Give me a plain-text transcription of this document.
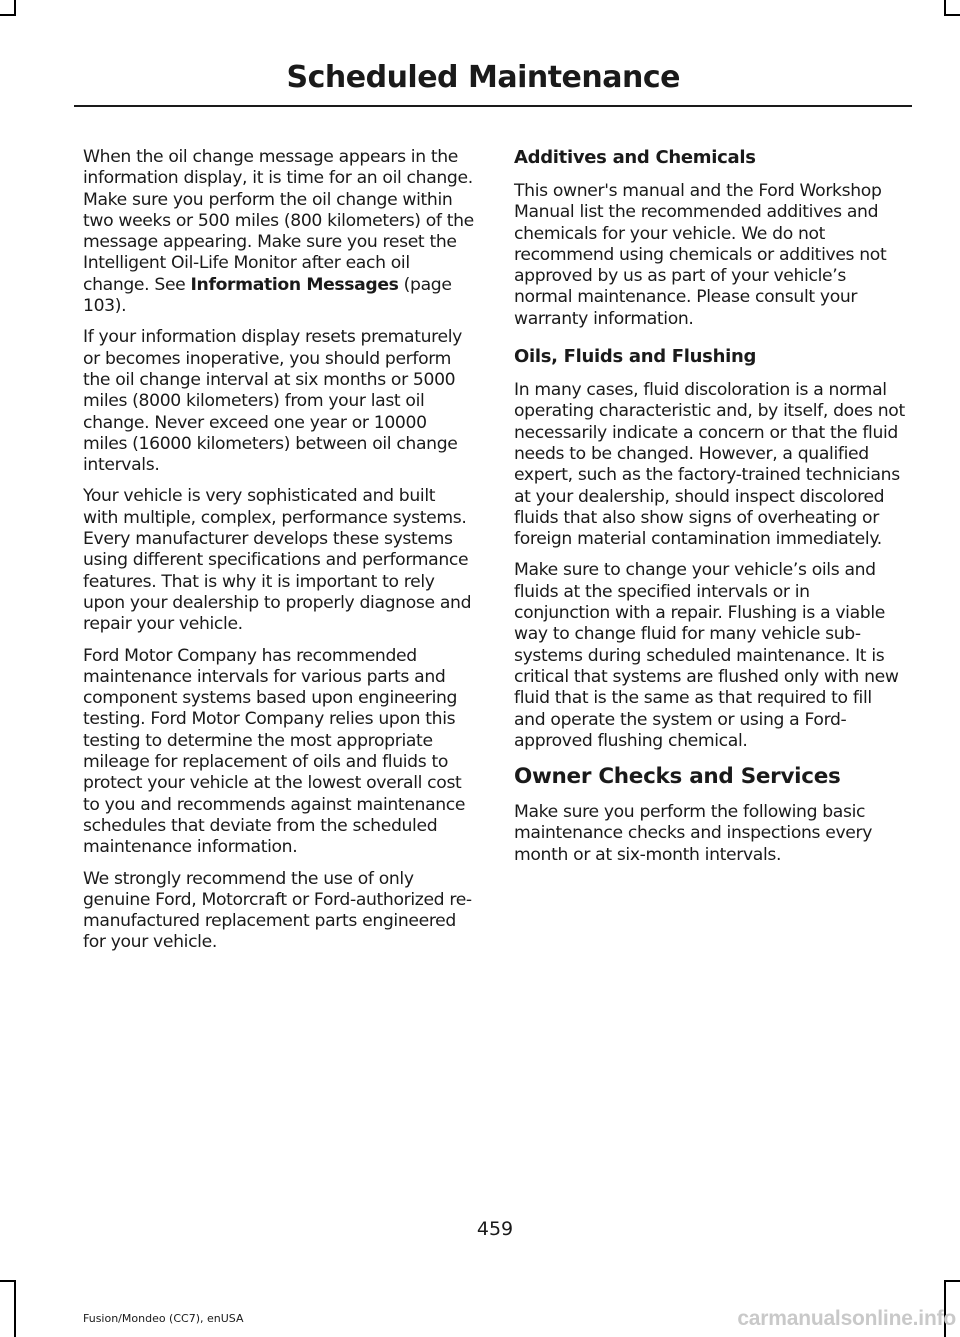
Scheduled Maintenance

When the oil change message appears in the information display, it is time for an oil change. Make sure you perform the oil change within two weeks or 500 miles (800 kilometers) of the message appearing. Make sure you reset the Intelligent Oil-Life Monitor after each oil change. See Information Messages (page 103).

If your information display resets prematurely or becomes inoperative, you should perform the oil change interval at six months or 5000 miles (8000 kilometers) from your last oil change. Never exceed one year or 10000 miles (16000 kilometers) between oil change intervals.

Your vehicle is very sophisticated and built with multiple, complex, performance systems. Every manufacturer develops these systems using different specifications and performance features. That is why it is important to rely upon your dealership to properly diagnose and repair your vehicle.

Ford Motor Company has recommended maintenance intervals for various parts and component systems based upon engineering testing. Ford Motor Company relies upon this testing to determine the most appropriate mileage for replacement of oils and fluids to protect your vehicle at the lowest overall cost to you and recommends against maintenance schedules that deviate from the scheduled maintenance information.

We strongly recommend the use of only genuine Ford, Motorcraft or Ford-authorized re-manufactured replacement parts engineered for your vehicle.

Additives and Chemicals

This owner's manual and the Ford Workshop Manual list the recommended additives and chemicals for your vehicle. We do not recommend using chemicals or additives not approved by us as part of your vehicle’s normal maintenance. Please consult your warranty information.

Oils, Fluids and Flushing

In many cases, fluid discoloration is a normal operating characteristic and, by itself, does not necessarily indicate a concern or that the fluid needs to be changed. However, a qualified expert, such as the factory-trained technicians at your dealership, should inspect discolored fluids that also show signs of overheating or foreign material contamination immediately.

Make sure to change your vehicle’s oils and fluids at the specified intervals or in conjunction with a repair. Flushing is a viable way to change fluid for many vehicle sub-systems during scheduled maintenance. It is critical that systems are flushed only with new fluid that is the same as that required to fill and operate the system or using a Ford-approved flushing chemical.

Owner Checks and Services

Make sure you perform the following basic maintenance checks and inspections every month or at six-month intervals.

459
Fusion/Mondeo (CC7), enUSA	carmanualsonline.info
